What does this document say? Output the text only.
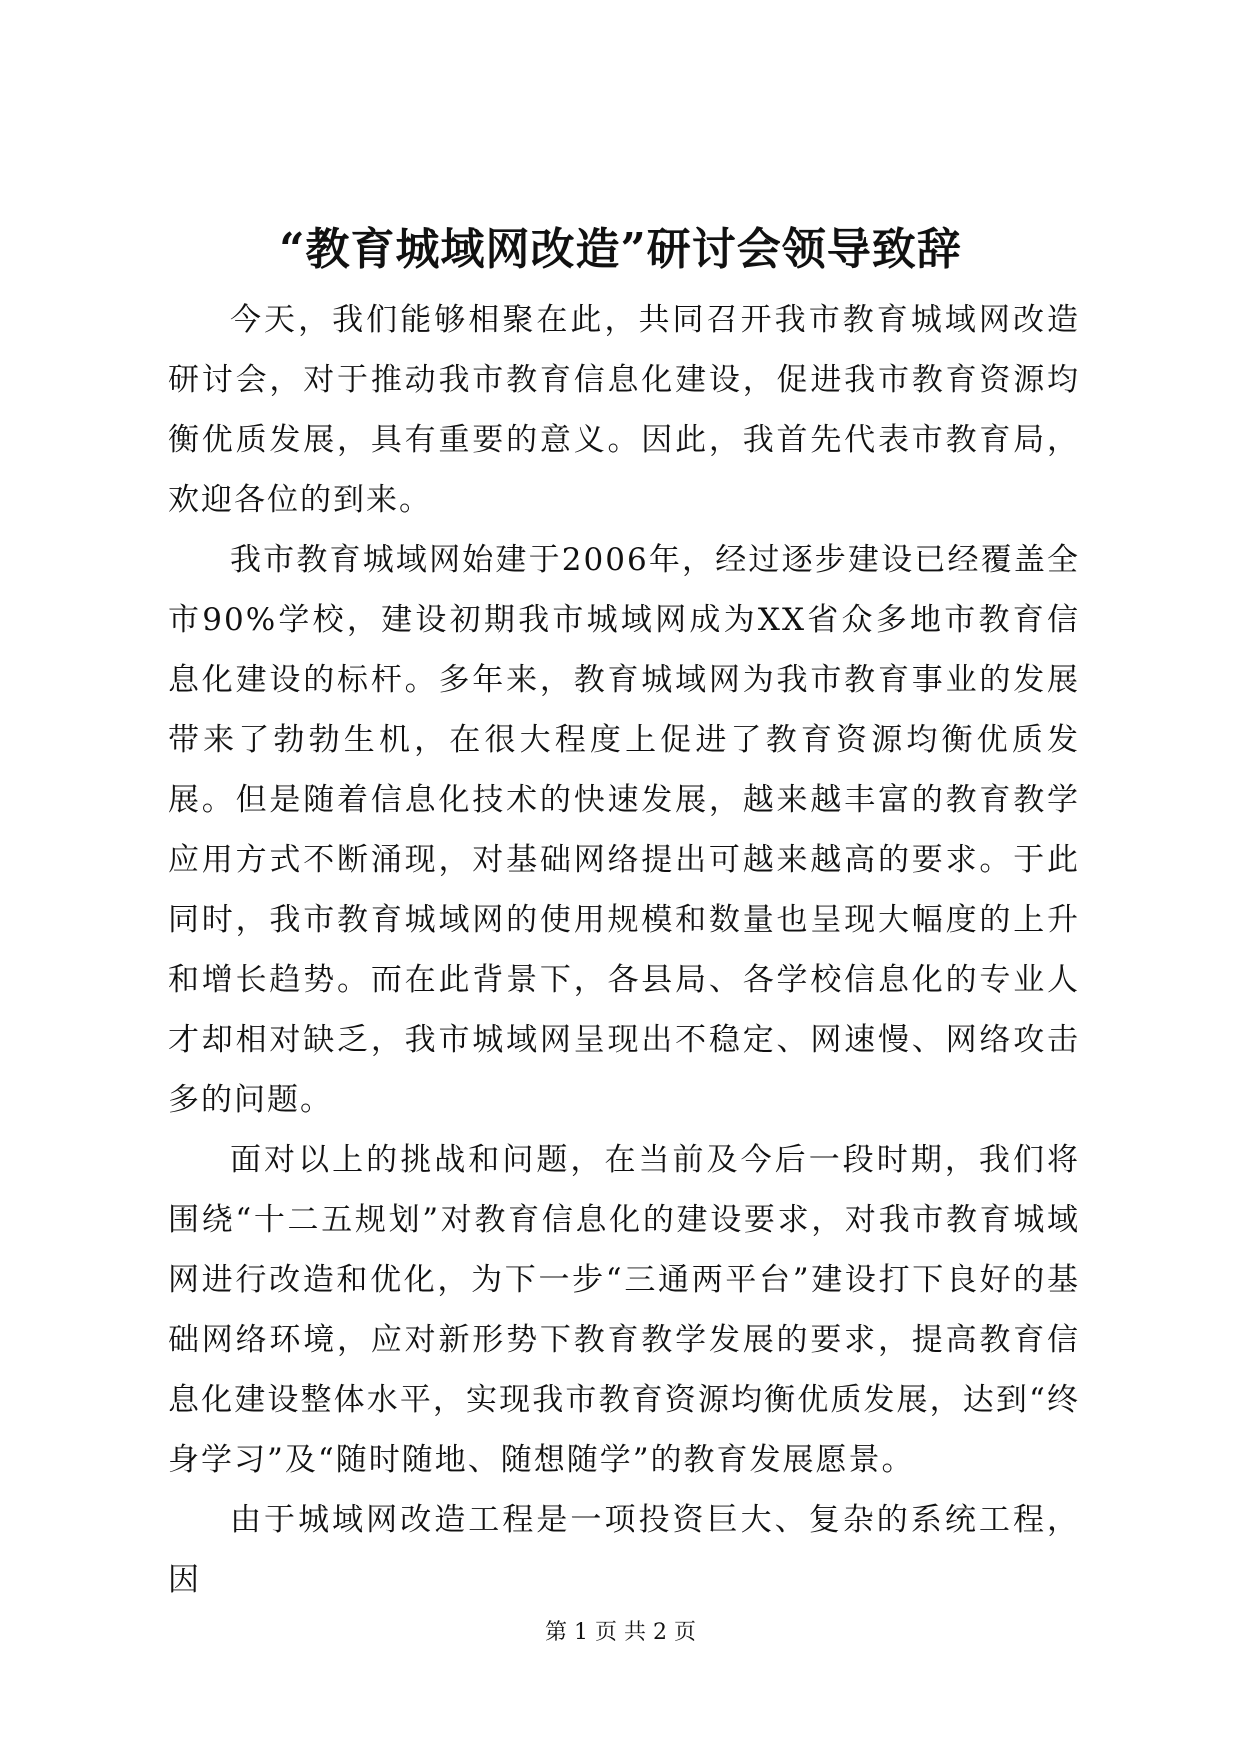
“教育城域网改造”研讨会领导致辞

今天，我们能够相聚在此，共同召开我市教育城域网改造研讨会，对于推动我市教育信息化建设，促进我市教育资源均衡优质发展，具有重要的意义。因此，我首先代表市教育局，欢迎各位的到来。

我市教育城域网始建于2006年，经过逐步建设已经覆盖全市90%学校，建设初期我市城域网成为XX省众多地市教育信息化建设的标杆。多年来，教育城域网为我市教育事业的发展带来了勃勃生机，在很大程度上促进了教育资源均衡优质发展。但是随着信息化技术的快速发展，越来越丰富的教育教学应用方式不断涌现，对基础网络提出可越来越高的要求。于此同时，我市教育城域网的使用规模和数量也呈现大幅度的上升和增长趋势。而在此背景下，各县局、各学校信息化的专业人才却相对缺乏，我市城域网呈现出不稳定、网速慢、网络攻击多的问题。

面对以上的挑战和问题，在当前及今后一段时期，我们将围绕“十二五规划”对教育信息化的建设要求，对我市教育城域网进行改造和优化，为下一步“三通两平台”建设打下良好的基础网络环境，应对新形势下教育教学发展的要求，提高教育信息化建设整体水平，实现我市教育资源均衡优质发展，达到“终身学习”及“随时随地、随想随学”的教育发展愿景。

由于城域网改造工程是一项投资巨大、复杂的系统工程，因

第 1 页 共 2 页
